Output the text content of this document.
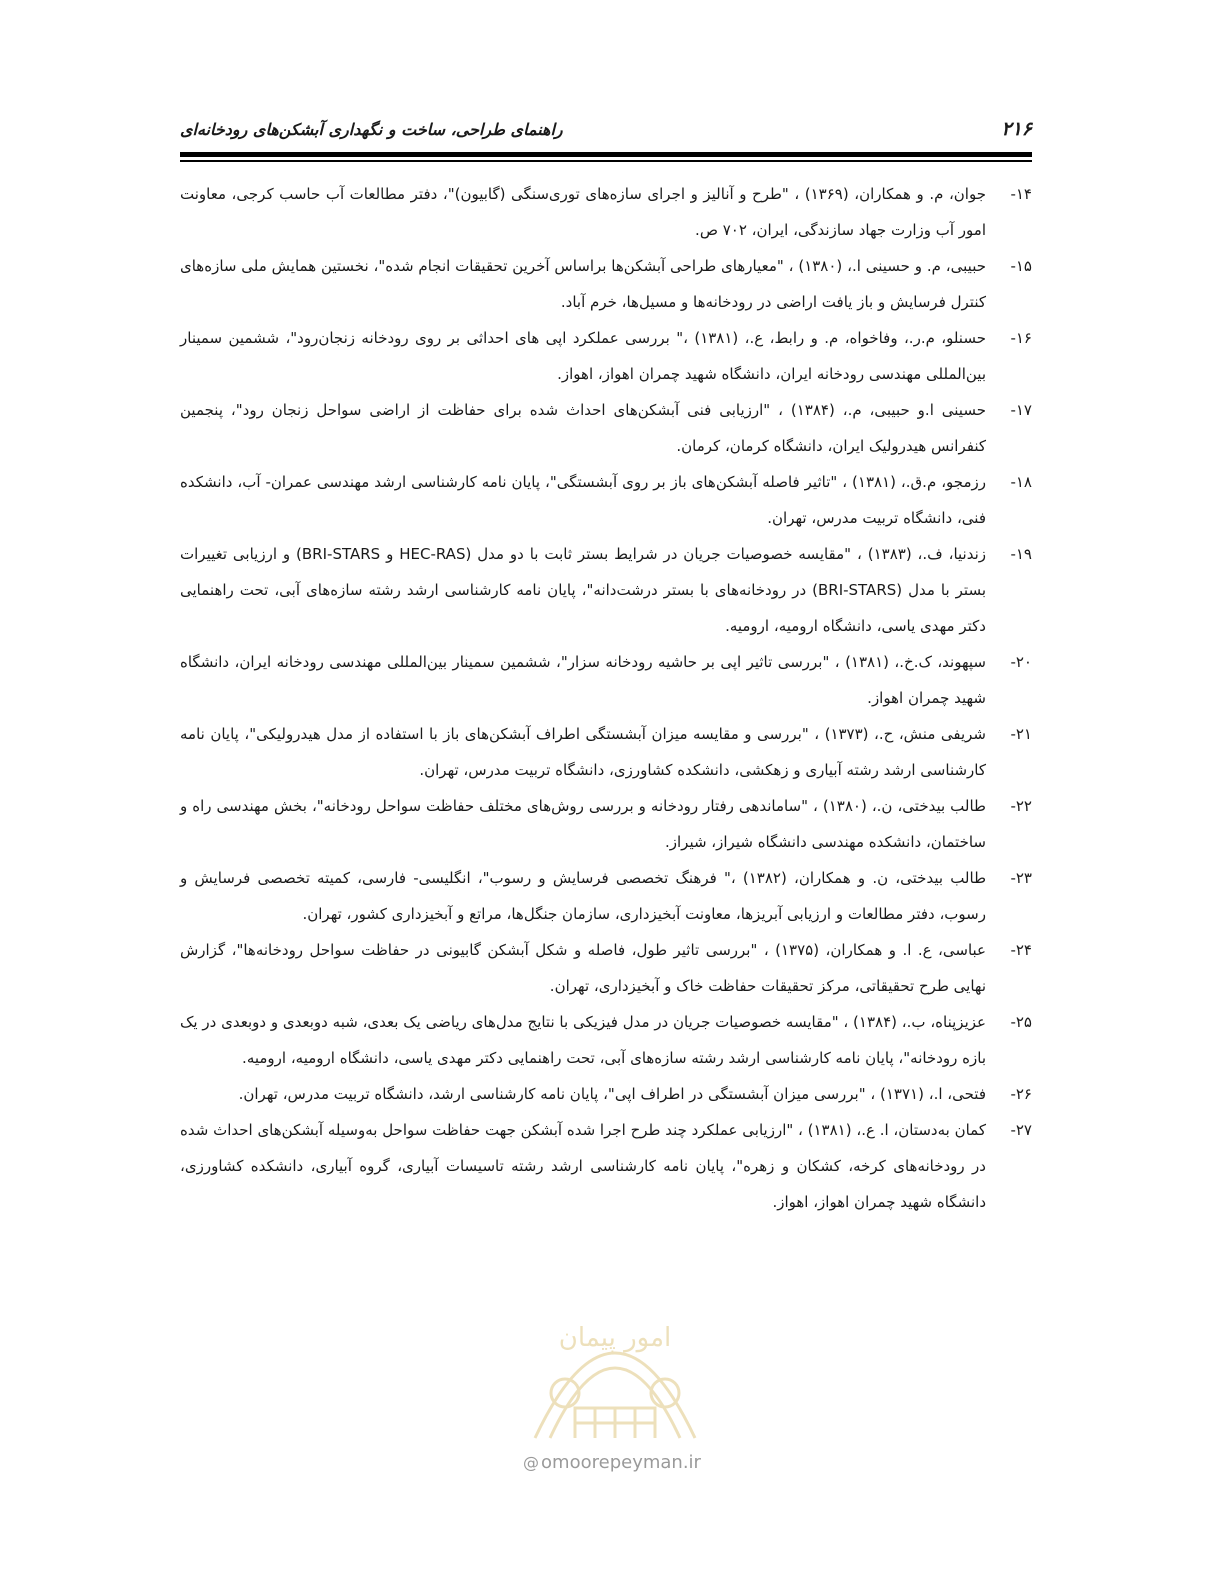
۲۱۶
راهنمای طراحی، ساخت و نگهداری آبشکن‌های رودخانه‌ای
۱۴-
جوان، م. و همکاران، (۱۳۶۹) ، "طرح و آنالیز و اجرای سازه‌های توری‌سنگی (گابیون)"، دفتر مطالعات آب حاسب کرجی، معاونت امور آب وزارت جهاد سازندگی، ایران، ۷۰۲ ص.
۱۵-
حبیبی، م. و حسینی ا.، (۱۳۸۰) ، "معیارهای طراحی آبشکن‌ها براساس آخرین تحقیقات انجام شده"، نخستین همایش ملی سازه‌های کنترل فرسایش و باز یافت اراضی در رودخانه‌ها و مسیل‌ها، خرم آباد.
۱۶-
حسنلو، م.ر.، وفاخواه، م. و رابط، ع.، (۱۳۸۱) ،" بررسی عملکرد اپی های احداثی بر روی رودخانه زنجان‌رود"، ششمین سمینار بین‌المللی مهندسی رودخانه ایران، دانشگاه شهید چمران اهواز، اهواز.
۱۷-
حسینی ا.و حبیبی، م.، (۱۳۸۴) ، "ارزیابی فنی آبشکن‌های احداث شده برای حفاظت از اراضی سواحل زنجان رود"، پنجمین کنفرانس هیدرولیک ایران، دانشگاه کرمان، کرمان.
۱۸-
رزمجو، م.ق.، (۱۳۸۱) ، "تاثیر فاصله آبشکن‌های باز بر روی آبشستگی"، پایان نامه کارشناسی ارشد مهندسی عمران- آب، دانشکده فنی، دانشگاه تربیت مدرس، تهران.
۱۹-
زندنیا، ف.، (۱۳۸۳) ، "مقایسه خصوصیات جریان در شرایط بستر ثابت با دو مدل (HEC-RAS و BRI-STARS) و ارزیابی تغییرات بستر با مدل (BRI-STARS) در رودخانه‌های با بستر درشت‌دانه"، پایان نامه کارشناسی ارشد رشته سازه‌های آبی، تحت راهنمایی دکتر مهدی یاسی، دانشگاه ارومیه، ارومیه.
۲۰-
سپهوند، ک.خ.، (۱۳۸۱) ، "بررسی تاثیر اپی بر حاشیه رودخانه سزار"، ششمین سمینار بین‌المللی مهندسی رودخانه ایران، دانشگاه شهید چمران اهواز.
۲۱-
شریفی منش، ح.، (۱۳۷۳) ، "بررسی و مقایسه میزان آبشستگی اطراف آبشکن‌های باز با استفاده از مدل هیدرولیکی"، پایان نامه کارشناسی ارشد رشته آبیاری و زهکشی، دانشکده کشاورزی، دانشگاه تربیت مدرس، تهران.
۲۲-
طالب بیدختی، ن.، (۱۳۸۰) ، "ساماندهی رفتار رودخانه و بررسی روش‌های مختلف حفاظت سواحل رودخانه"، بخش مهندسی راه و ساختمان، دانشکده مهندسی دانشگاه شیراز، شیراز.
۲۳-
طالب بیدختی، ن. و همکاران، (۱۳۸۲) ،" فرهنگ تخصصی فرسایش و رسوب"، انگلیسی- فارسی، کمیته تخصصی فرسایش و رسوب، دفتر مطالعات و ارزیابی آبریزها، معاونت آبخیزداری، سازمان جنگل‌ها، مراتع و آبخیزداری کشور، تهران.
۲۴-
عباسی، ع. ا. و همکاران، (۱۳۷۵) ، "بررسی تاثیر طول، فاصله و شکل آبشکن گابیونی در حفاظت سواحل رودخانه‌ها"، گزارش نهایی طرح تحقیقاتی، مرکز تحقیقات حفاظت خاک و آبخیزداری، تهران.
۲۵-
عزیزپناه، ب.، (۱۳۸۴) ، "مقایسه خصوصیات جریان در مدل فیزیکی با نتایج مدل‌های ریاضی یک بعدی، شبه دوبعدی و دوبعدی در یک بازه رودخانه"، پایان نامه کارشناسی ارشد رشته سازه‌های آبی، تحت راهنمایی دکتر مهدی یاسی، دانشگاه ارومیه، ارومیه.
۲۶-
فتحی، ا.، (۱۳۷۱) ، "بررسی میزان آبشستگی در اطراف اپی"، پایان نامه کارشناسی ارشد، دانشگاه تربیت مدرس، تهران.
۲۷-
کمان به‌دستان، ا. ع.، (۱۳۸۱) ، "ارزیابی عملکرد چند طرح اجرا شده آبشکن جهت حفاظت سواحل به‌وسیله آبشکن‌های احداث شده در رودخانه‌های کرخه، کشکان و زهره"، پایان نامه کارشناسی ارشد رشته تاسیسات آبیاری، گروه آبیاری، دانشکده کشاورزی، دانشگاه شهید چمران اهواز، اهواز.
امور پیمان
@ omoorepeyman.ir
